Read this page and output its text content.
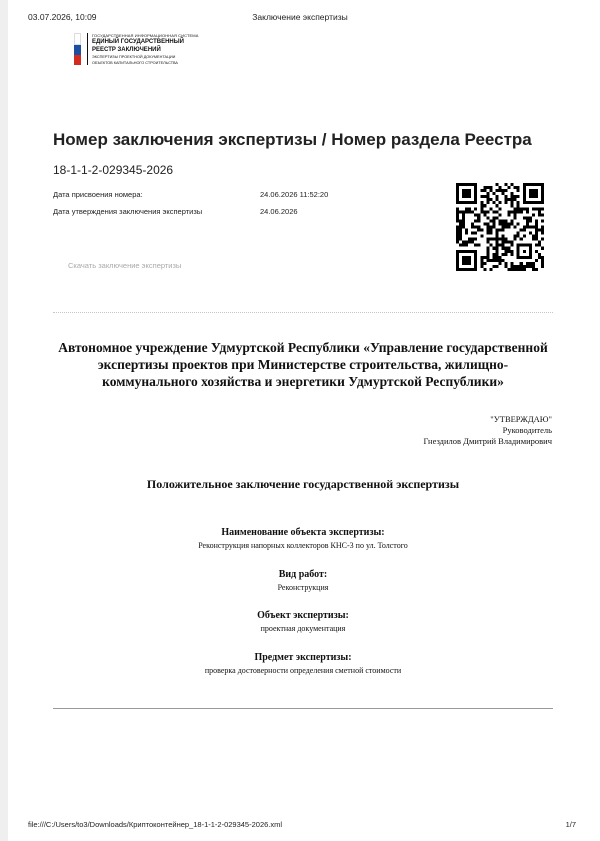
03.07.2026, 10:09	Заключение экспертизы
ГОСУДАРСТВЕННАЯ ИНФОРМАЦИОННАЯ СИСТЕМА
ЕДИНЫЙ ГОСУДАРСТВЕННЫЙ
РЕЕСТР ЗАКЛЮЧЕНИЙ
ЭКСПЕРТИЗЫ ПРОЕКТНОЙ ДОКУМЕНТАЦИИ
ОБЪЕКТОВ КАПИТАЛЬНОГО СТРОИТЕЛЬСТВА
Номер заключения экспертизы / Номер раздела Реестра
18-1-1-2-029345-2026
Дата присвоения номера:	24.06.2026 11:52:20
Дата утверждения заключения экспертизы	24.06.2026
Скачать заключение экспертизы
Автономное учреждение Удмуртской Республики «Управление государственной экспертизы проектов при Министерстве строительства, жилищно-коммунального хозяйства и энергетики Удмуртской Республики»
"УТВЕРЖДАЮ"
Руководитель
Гнездилов Дмитрий Владимирович
Положительное заключение государственной экспертизы
Наименование объекта экспертизы:
Реконструкция напорных коллекторов КНС-3 по ул. Толстого
Вид работ:
Реконструкция
Объект экспертизы:
проектная документация
Предмет экспертизы:
проверка достоверности определения сметной стоимости
file:///C:/Users/to3/Downloads/Криптоконтейнер_18-1-1-2-029345-2026.xml	1/7
